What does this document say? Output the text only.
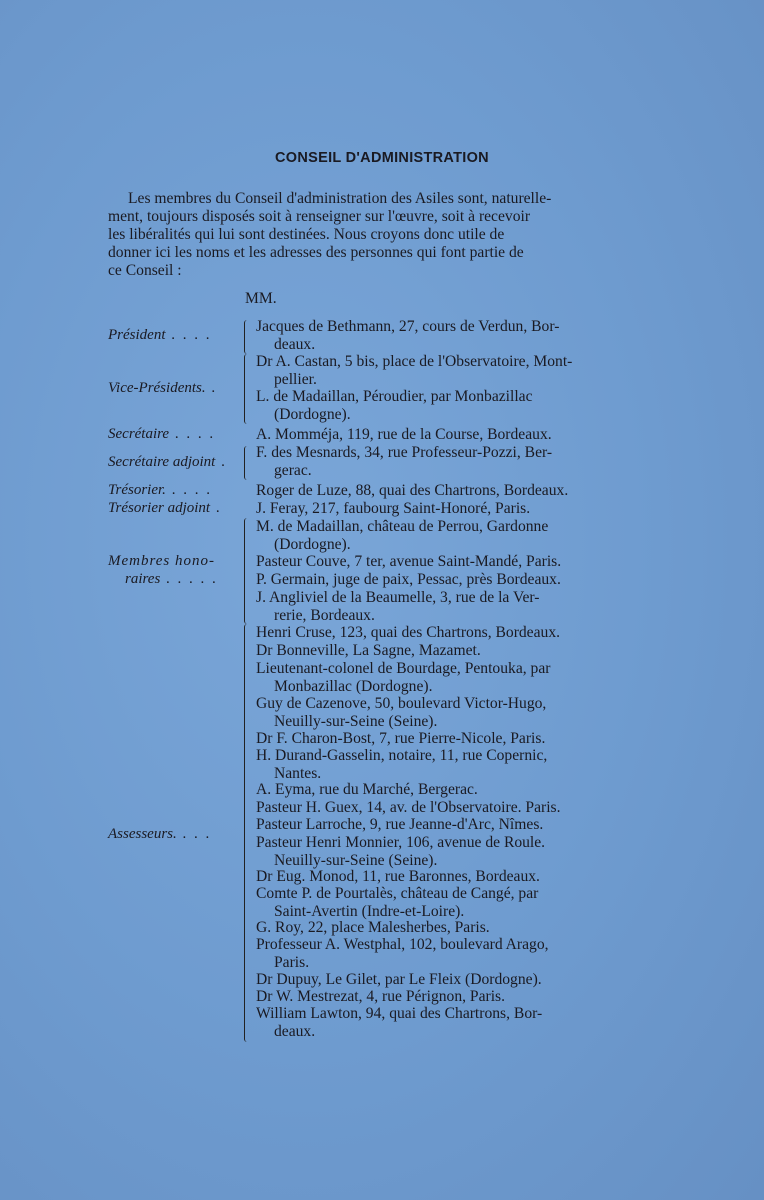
CONSEIL D'ADMINISTRATION
Les membres du Conseil d'administration des Asiles sont, naturelle-
ment, toujours disposés soit à renseigner sur l'œuvre, soit à recevoir
les libéralités qui lui sont destinées. Nous croyons donc utile de
donner ici les noms et les adresses des personnes qui font partie de
ce Conseil :
MM.
Président . . . .
Vice-Présidents. .
Secrétaire . . . .
Secrétaire adjoint .
Trésorier. . . . .
Trésorier adjoint .
Membres hono-
raires . . . . .
Assesseurs. . . .
Jacques de Bethmann, 27, cours de Verdun, Bor-
deaux.
Dr A. Castan, 5 bis, place de l'Observatoire, Mont-
pellier.
L. de Madaillan, Péroudier, par Monbazillac
(Dordogne).
A. Momméja, 119, rue de la Course, Bordeaux.
F. des Mesnards, 34, rue Professeur-Pozzi, Ber-
gerac.
Roger de Luze, 88, quai des Chartrons, Bordeaux.
J. Feray, 217, faubourg Saint-Honoré, Paris.
M. de Madaillan, château de Perrou, Gardonne
(Dordogne).
Pasteur Couve, 7 ter, avenue Saint-Mandé, Paris.
P. Germain, juge de paix, Pessac, près Bordeaux.
J. Angliviel de la Beaumelle, 3, rue de la Ver-
rerie, Bordeaux.
Henri Cruse, 123, quai des Chartrons, Bordeaux.
Dr Bonneville, La Sagne, Mazamet.
Lieutenant-colonel de Bourdage, Pentouka, par
Monbazillac (Dordogne).
Guy de Cazenove, 50, boulevard Victor-Hugo,
Neuilly-sur-Seine (Seine).
Dr F. Charon-Bost, 7, rue Pierre-Nicole, Paris.
H. Durand-Gasselin, notaire, 11, rue Copernic,
Nantes.
A. Eyma, rue du Marché, Bergerac.
Pasteur H. Guex, 14, av. de l'Observatoire. Paris.
Pasteur Larroche, 9, rue Jeanne-d'Arc, Nîmes.
Pasteur Henri Monnier, 106, avenue de Roule.
Neuilly-sur-Seine (Seine).
Dr Eug. Monod, 11, rue Baronnes, Bordeaux.
Comte P. de Pourtalès, château de Cangé, par
Saint-Avertin (Indre-et-Loire).
G. Roy, 22, place Malesherbes, Paris.
Professeur A. Westphal, 102, boulevard Arago,
Paris.
Dr Dupuy, Le Gilet, par Le Fleix (Dordogne).
Dr W. Mestrezat, 4, rue Pérignon, Paris.
William Lawton, 94, quai des Chartrons, Bor-
deaux.
